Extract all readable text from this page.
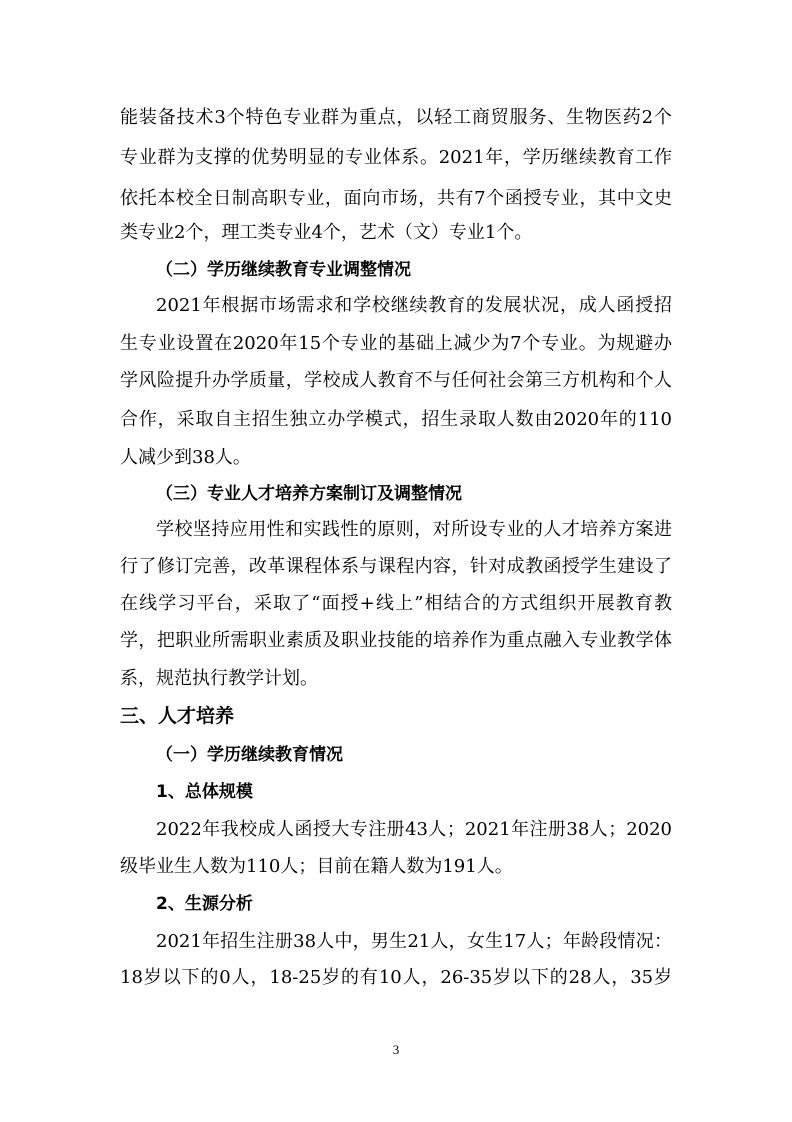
能装备技术3个特色专业群为重点，以轻工商贸服务、生物医药2个
专业群为支撑的优势明显的专业体系。2021年，学历继续教育工作
依托本校全日制高职专业，面向市场，共有7个函授专业，其中文史
类专业2个，理工类专业4个，艺术（文）专业1个。
（二）学历继续教育专业调整情况
2021年根据市场需求和学校继续教育的发展状况，成人函授招
生专业设置在2020年15个专业的基础上减少为7个专业。为规避办
学风险提升办学质量，学校成人教育不与任何社会第三方机构和个人
合作，采取自主招生独立办学模式，招生录取人数由2020年的110
人减少到38人。
（三）专业人才培养方案制订及调整情况
学校坚持应用性和实践性的原则，对所设专业的人才培养方案进
行了修订完善，改革课程体系与课程内容，针对成教函授学生建设了
在线学习平台，采取了“面授+线上”相结合的方式组织开展教育教
学，把职业所需职业素质及职业技能的培养作为重点融入专业教学体
系，规范执行教学计划。
三、人才培养
（一）学历继续教育情况
1、总体规模
2022年我校成人函授大专注册43人；2021年注册38人；2020
级毕业生人数为110人；目前在籍人数为191人。
2、生源分析
2021年招生注册38人中，男生21人，女生17人；年龄段情况：
18岁以下的0人，18-25岁的有10人，26-35岁以下的28人，35岁
3
